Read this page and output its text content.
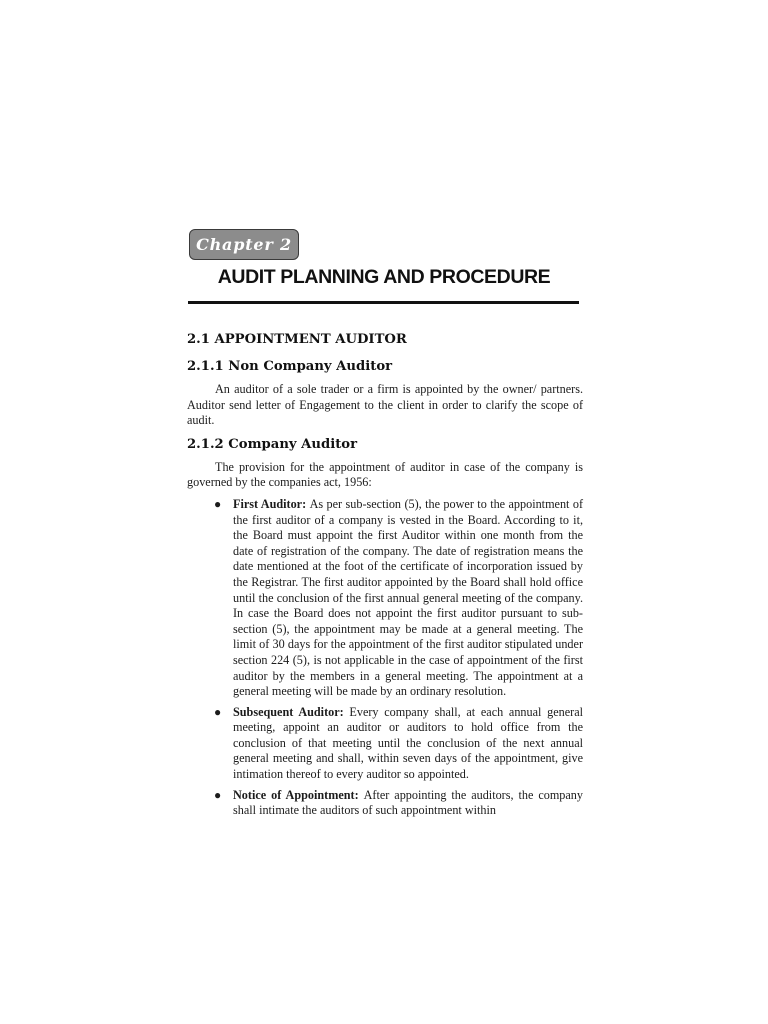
Chapter 2
AUDIT PLANNING AND PROCEDURE
2.1 APPOINTMENT AUDITOR
2.1.1 Non Company Auditor

An auditor of a sole trader or a firm is appointed by the owner/ partners. Auditor send letter of Engagement to the client in order to clarify the scope of audit.

2.1.2 Company Auditor

The provision for the appointment of auditor in case of the company is governed by the companies act, 1956:

● First Auditor: As per sub-section (5), the power to the appointment of the first auditor of a company is vested in the Board. According to it, the Board must appoint the first Auditor within one month from the date of registration of the company. The date of registration means the date mentioned at the foot of the certificate of incorporation issued by the Registrar. The first auditor appointed by the Board shall hold office until the conclusion of the first annual general meeting of the company. In case the Board does not appoint the first auditor pursuant to sub-section (5), the appointment may be made at a general meeting. The limit of 30 days for the appointment of the first auditor stipulated under section 224 (5), is not applicable in the case of appointment of the first auditor by the members in a general meeting. The appointment at a general meeting will be made by an ordinary resolution.
● Subsequent Auditor: Every company shall, at each annual general meeting, appoint an auditor or auditors to hold office from the conclusion of that meeting until the conclusion of the next annual general meeting and shall, within seven days of the appointment, give intimation thereof to every auditor so appointed.
● Notice of Appointment: After appointing the auditors, the company shall intimate the auditors of such appointment within
